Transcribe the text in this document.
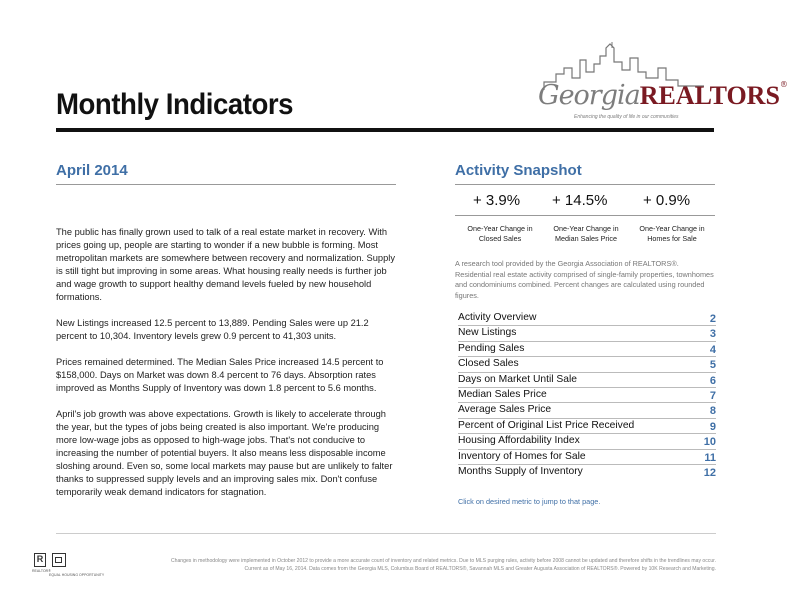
GeorgiaREALTORS®
Enhancing the quality of life in our communities
Monthly Indicators
April 2014

The public has finally grown used to talk of a real estate market in recovery. With prices going up, people are starting to wonder if a new bubble is forming. Most metropolitan markets are somewhere between recovery and normalization. Supply is still tight but improving in some areas. What housing really needs is further job and wage growth to support healthy demand levels fueled by new household formations.

New Listings increased 12.5 percent to 13,889. Pending Sales were up 21.2 percent to 10,304. Inventory levels grew 0.9 percent to 41,303 units.

Prices remained determined. The Median Sales Price increased 14.5 percent to $158,000. Days on Market was down 8.4 percent to 76 days. Absorption rates improved as Months Supply of Inventory was down 1.8 percent to 5.6 months.

April's job growth was above expectations. Growth is likely to accelerate through the year, but the types of jobs being created is also important. We're producing more low-wage jobs as opposed to high-wage jobs. That's not conducive to increasing the number of potential buyers. It also means less disposable income sloshing around. Even so, some local markets may pause but are unlikely to falter thanks to suppressed supply levels and an improving sales mix. Don't confuse temporarily weak demand indicators for stagnation.

Activity Snapshot
+ 3.9% + 14.5% + 0.9%
One-Year Change in
Closed Sales
One-Year Change in
Median Sales Price
One-Year Change in
Homes for Sale
A research tool provided by the Georgia Association of REALTORS®. Residential real estate activity comprised of single-family properties, townhomes and condominiums combined. Percent changes are calculated using rounded figures.
Activity Overview	2
New Listings	3
Pending Sales	4
Closed Sales	5
Days on Market Until Sale	6
Median Sales Price	7
Average Sales Price	8
Percent of Original List Price Received	9
Housing Affordability Index	10
Inventory of Homes for Sale	11
Months Supply of Inventory	12
Click on desired metric to jump to that page.
R
REALTOR®
EQUAL HOUSING OPPORTUNITY
Changes in methodology were implemented in October 2012 to provide a more accurate count of inventory and related metrics. Due to MLS purging rules, activity before 2008 cannot be updated and therefore shifts in the trendlines may occur.
Current as of May 16, 2014. Data comes from the Georgia MLS, Columbus Board of REALTORS®, Savannah MLS and Greater Augusta Association of REALTORS®. Powered by 10K Research and Marketing.
